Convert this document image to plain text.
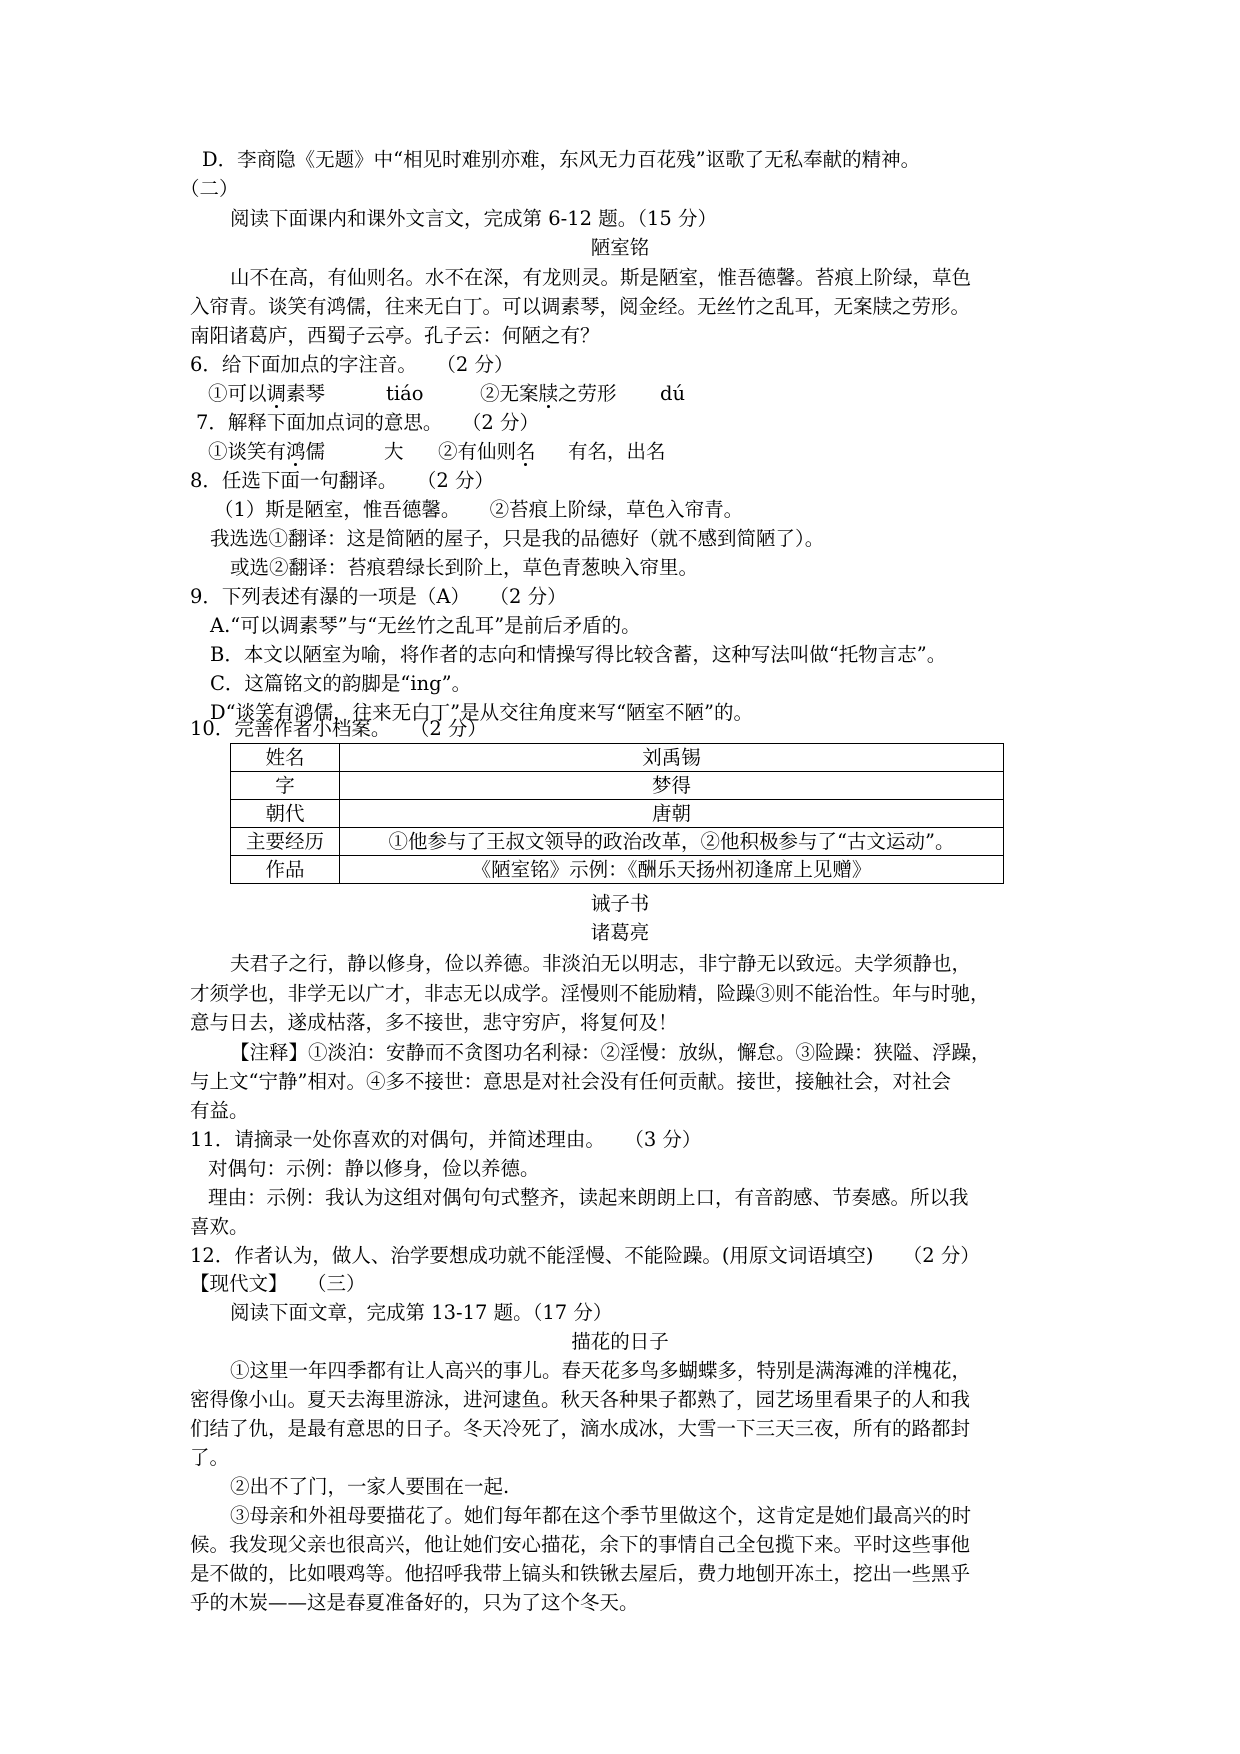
D．李商隐《无题》中“相见时难别亦难，东风无力百花残”讴歌了无私奉献的精神。
（二）
阅读下面课内和课外文言文，完成第 6-12 题。（15 分）
陋室铭
山不在高，有仙则名。水不在深，有龙则灵。斯是陋室，惟吾德馨。苔痕上阶绿，草色
入帘青。谈笑有鸿儒，往来无白丁。可以调素琴，阅金经。无丝竹之乱耳，无案牍之劳形。
南阳诸葛庐，西蜀子云亭。孔子云：何陋之有？
6．给下面加点的字注音。　　（2 分）
①可以调素琴	tiáo	②无案牍之劳形 dú
7．解释下面加点词的意思。　　（2 分）
①谈笑有鸿儒	大 ②有仙则名 有名，出名
8．任选下面一句翻译。　　（2 分）
（1）斯是陋室，惟吾德馨。　　②苔痕上阶绿，草色入帘青。
我选选①翻译：这是简陋的屋子，只是我的品德好（就不感到简陋了）。
或选②翻译：苔痕碧绿长到阶上，草色青葱映入帘里。
9．下列表述有瀑的一项是（A）　　（2 分）
A.“可以调素琴”与“无丝竹之乱耳”是前后矛盾的。
B．本文以陋室为喻，将作者的志向和情操写得比较含蓄，这种写法叫做“托物言志”。
C．这篇铭文的韵脚是“ing”。
D“谈笑有鸿儒，往来无白丁”是从交往角度来写“陋室不陋”的。
10．完善作者小档案。　　（2 分）
姓名	刘禹锡
字	梦得
朝代	唐朝
主要经历	①他参与了王叔文领导的政治改革，②他积极参与了“古文运动”。
作品	《陋室铭》示例：《酬乐天扬州初逢席上见赠》
诫子书
诸葛亮
夫君子之行，静以修身，俭以养德。非淡泊无以明志，非宁静无以致远。夫学须静也，
才须学也，非学无以广才，非志无以成学。淫慢则不能励精，险躁③则不能治性。年与时驰，
意与日去，遂成枯落，多不接世，悲守穷庐，将复何及！
【注释】①淡泊：安静而不贪图功名利禄：②淫慢：放纵，懈怠。③险躁：狭隘、浮躁，
与上文“宁静”相对。④多不接世：意思是对社会没有任何贡献。接世，接触社会，对社会
有益。
11．请摘录一处你喜欢的对偶句，并简述理由。　　（3 分）
对偶句：示例：静以修身，俭以养德。
理由：示例：我认为这组对偶句句式整齐，读起来朗朗上口，有音韵感、节奏感。所以我
喜欢。
12．作者认为，做人、治学要想成功就不能淫慢、不能险躁。(用原文词语填空)　　（2 分）
【现代文】　　（三）
阅读下面文章，完成第 13-17 题。（17 分）
描花的日子
①这里一年四季都有让人高兴的事儿。春天花多鸟多蝴蝶多，特别是满海滩的洋槐花，
密得像小山。夏天去海里游泳，进河逮鱼。秋天各种果子都熟了，园艺场里看果子的人和我
们结了仇，是最有意思的日子。冬天冷死了，滴水成冰，大雪一下三天三夜，所有的路都封
了。
②出不了门，一家人要围在一起.
③母亲和外祖母要描花了。她们每年都在这个季节里做这个，这肯定是她们最高兴的时
候。我发现父亲也很高兴，他让她们安心描花，余下的事情自己全包揽下来。平时这些事他
是不做的，比如喂鸡等。他招呼我带上镐头和铁锹去屋后，费力地刨开冻土，挖出一些黑乎
乎的木炭——这是春夏准备好的，只为了这个冬天。
